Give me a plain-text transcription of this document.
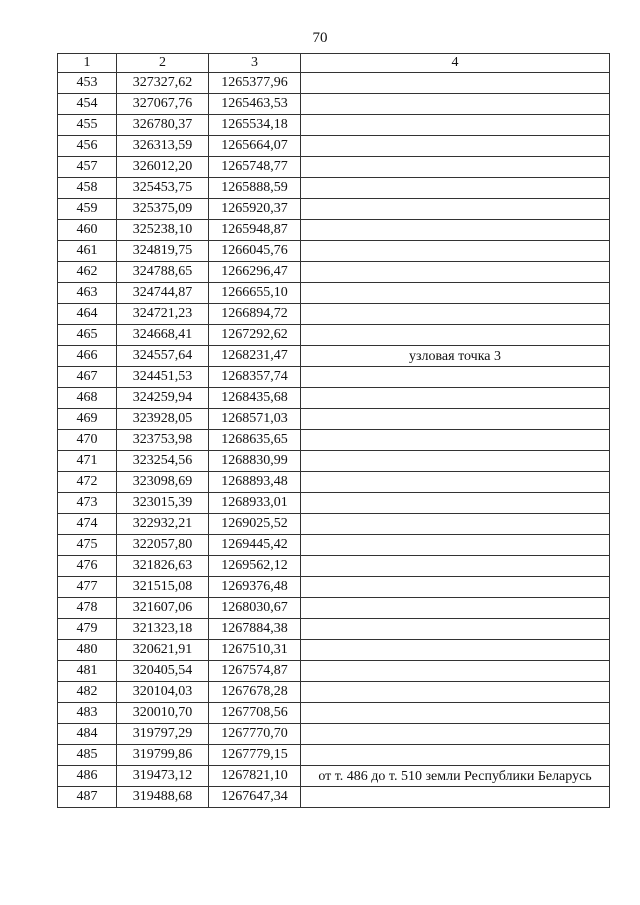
70
1	2	3	4
453	327327,62	1265377,96	
454	327067,76	1265463,53	
455	326780,37	1265534,18	
456	326313,59	1265664,07	
457	326012,20	1265748,77	
458	325453,75	1265888,59	
459	325375,09	1265920,37	
460	325238,10	1265948,87	
461	324819,75	1266045,76	
462	324788,65	1266296,47	
463	324744,87	1266655,10	
464	324721,23	1266894,72	
465	324668,41	1267292,62	
466	324557,64	1268231,47	узловая точка 3
467	324451,53	1268357,74	
468	324259,94	1268435,68	
469	323928,05	1268571,03	
470	323753,98	1268635,65	
471	323254,56	1268830,99	
472	323098,69	1268893,48	
473	323015,39	1268933,01	
474	322932,21	1269025,52	
475	322057,80	1269445,42	
476	321826,63	1269562,12	
477	321515,08	1269376,48	
478	321607,06	1268030,67	
479	321323,18	1267884,38	
480	320621,91	1267510,31	
481	320405,54	1267574,87	
482	320104,03	1267678,28	
483	320010,70	1267708,56	
484	319797,29	1267770,70	
485	319799,86	1267779,15	
486	319473,12	1267821,10	от т. 486 до т. 510 земли Республики Беларусь
487	319488,68	1267647,34	
